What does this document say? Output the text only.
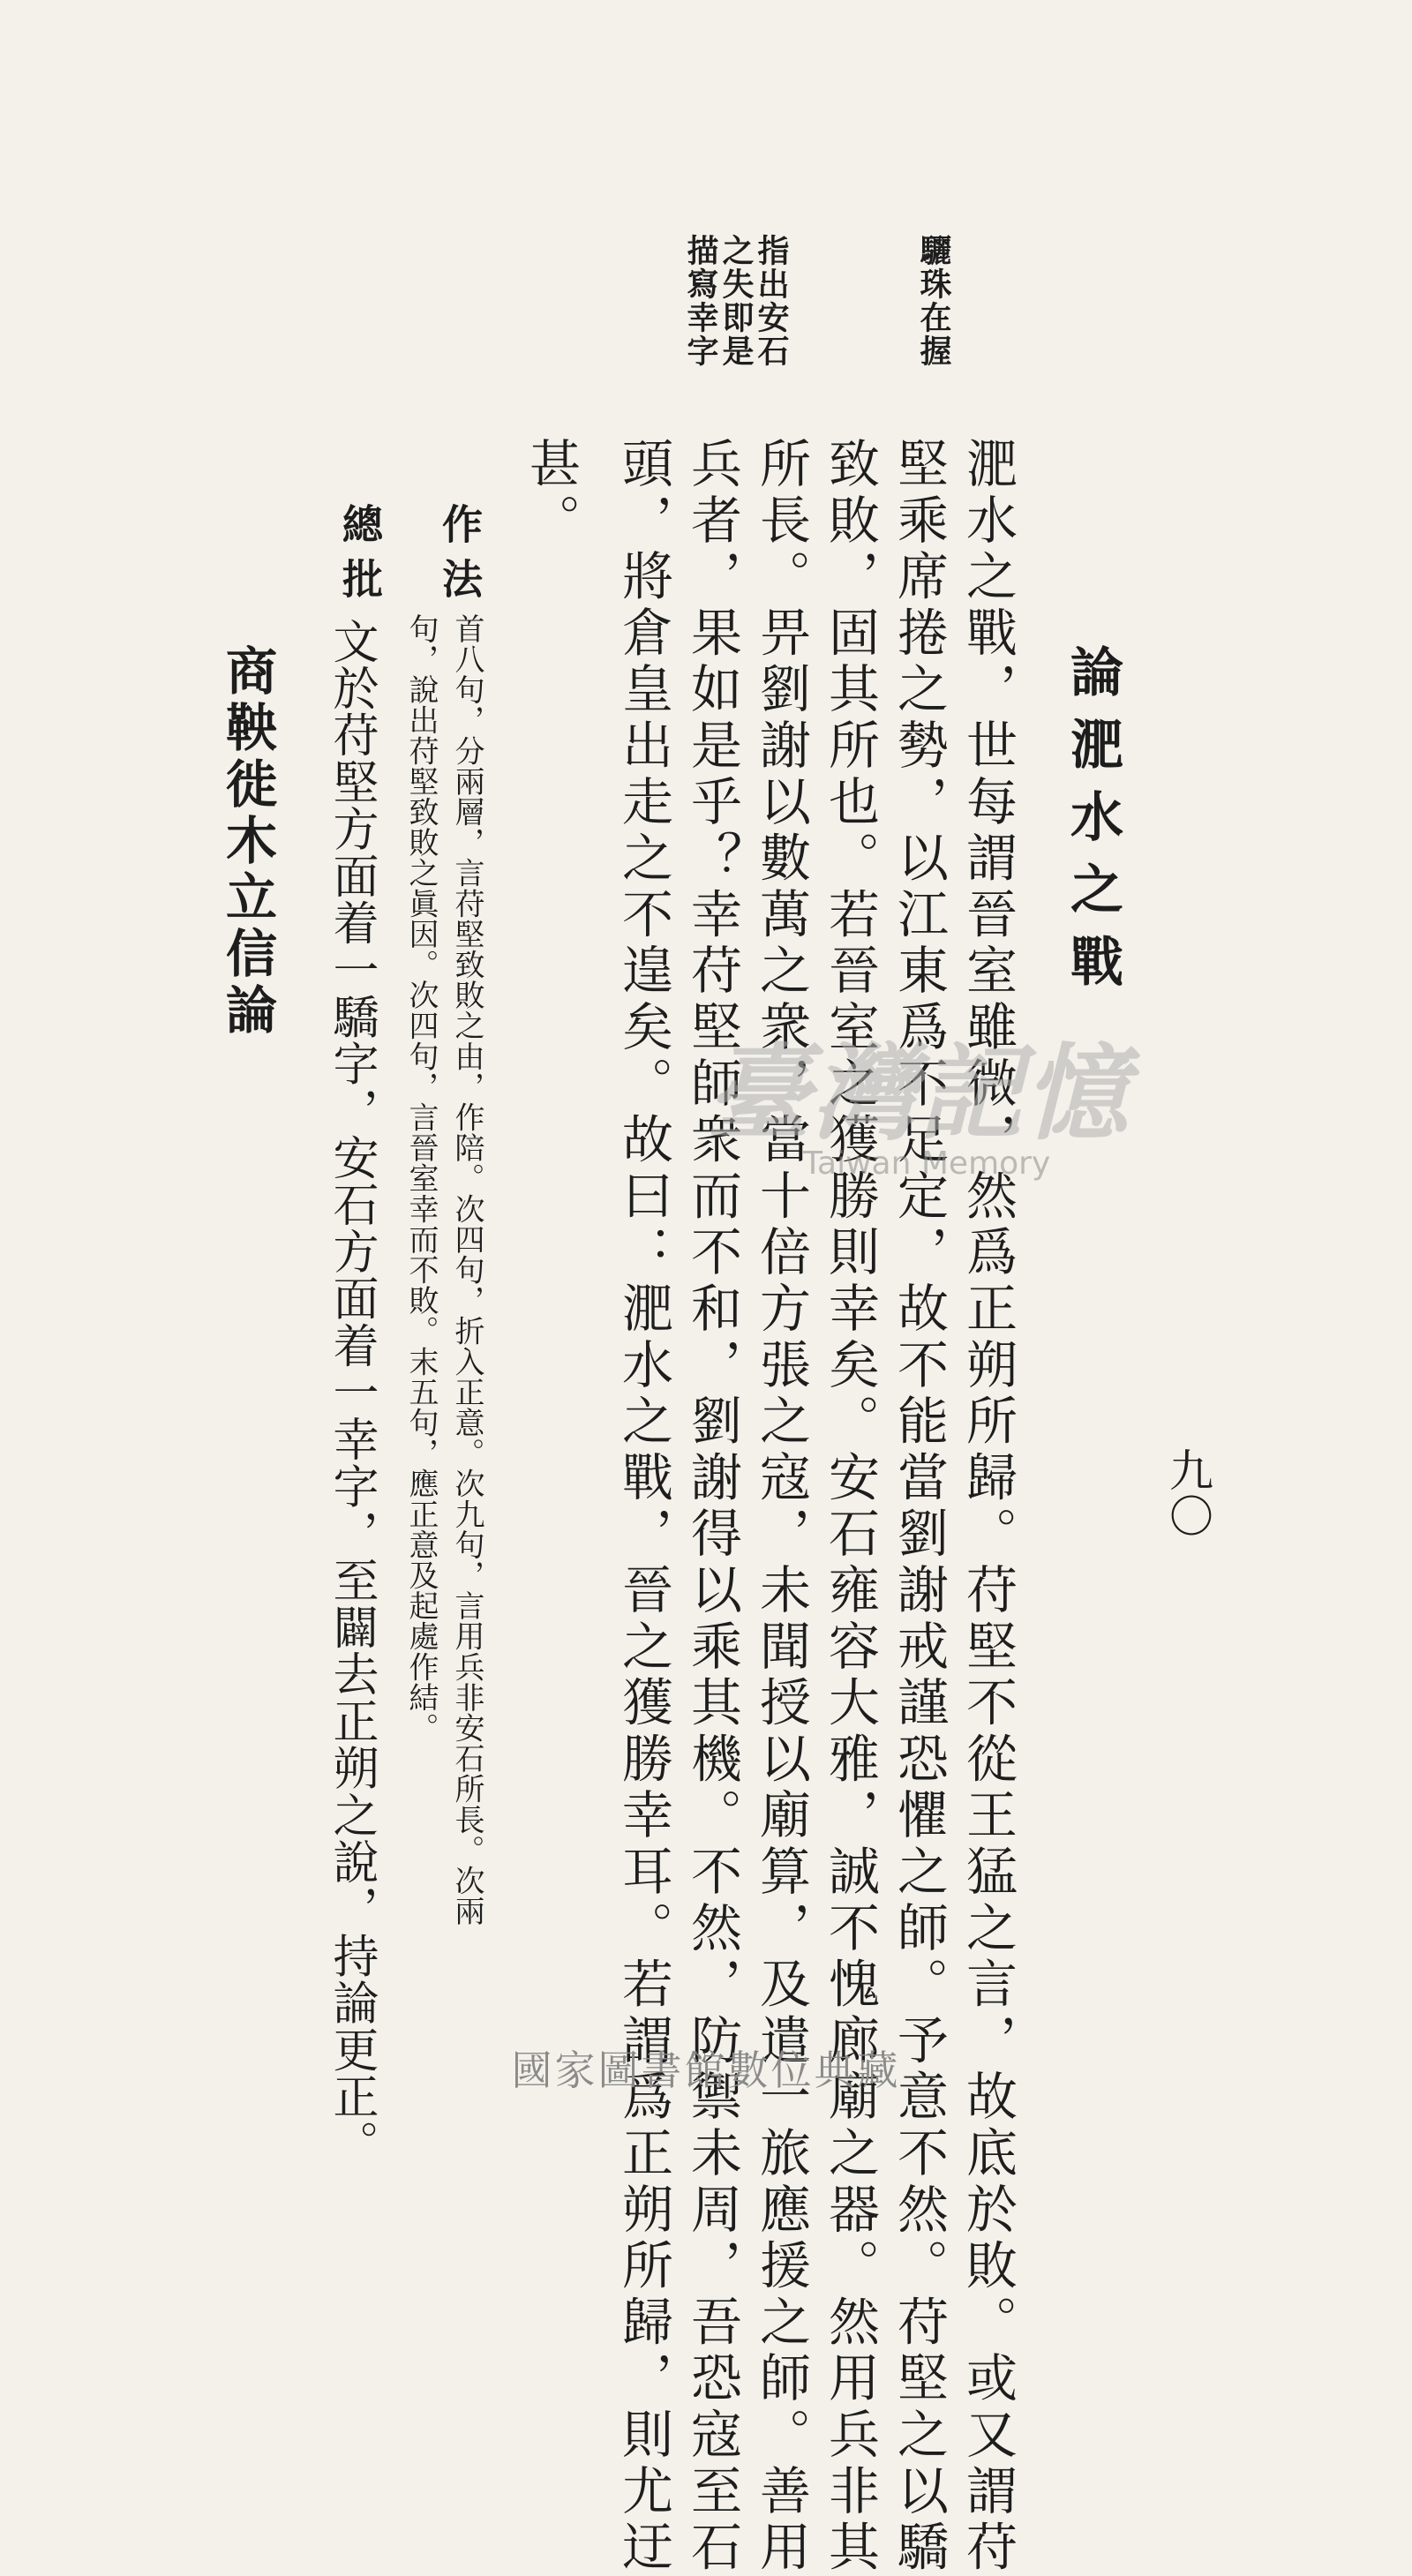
九〇
論淝水之戰
驪珠在握
指出安石
之失即是
描寫幸字
淝水之戰，世每謂晉室雖微，然爲正朔所歸。苻堅不從王猛之言，故底於敗。或又謂苻
堅乘席捲之勢，以江東爲不足定，故不能當劉謝戒謹恐懼之師。予意不然。苻堅之以驕
致敗，固其所也。若晉室之獲勝則幸矣。安石雍容大雅，誠不愧廊廟之器。然用兵非其
所長。畀劉謝以數萬之衆，當十倍方張之寇，未聞授以廟算，及遣一旅應援之師。善用
兵者，果如是乎？幸苻堅師衆而不和，劉謝得以乘其機。不然，防禦未周，吾恐寇至石
頭，將倉皇出走之不遑矣。故曰：淝水之戰，晉之獲勝幸耳。若謂爲正朔所歸，則尤迂
甚。
作法
首八句，分兩層，言苻堅致敗之由，作陪。次四句，折入正意。次九句，言用兵非安石所長。次兩
句，說出苻堅致敗之眞因。次四句，言晉室幸而不敗。末五句，應正意及起處作結。
總批
文於苻堅方面着一驕字，安石方面着一幸字，至闢去正朔之說，持論更正。
商鞅徙木立信論
臺灣記憶
Taiwan Memory
國家圖書館數位典藏
